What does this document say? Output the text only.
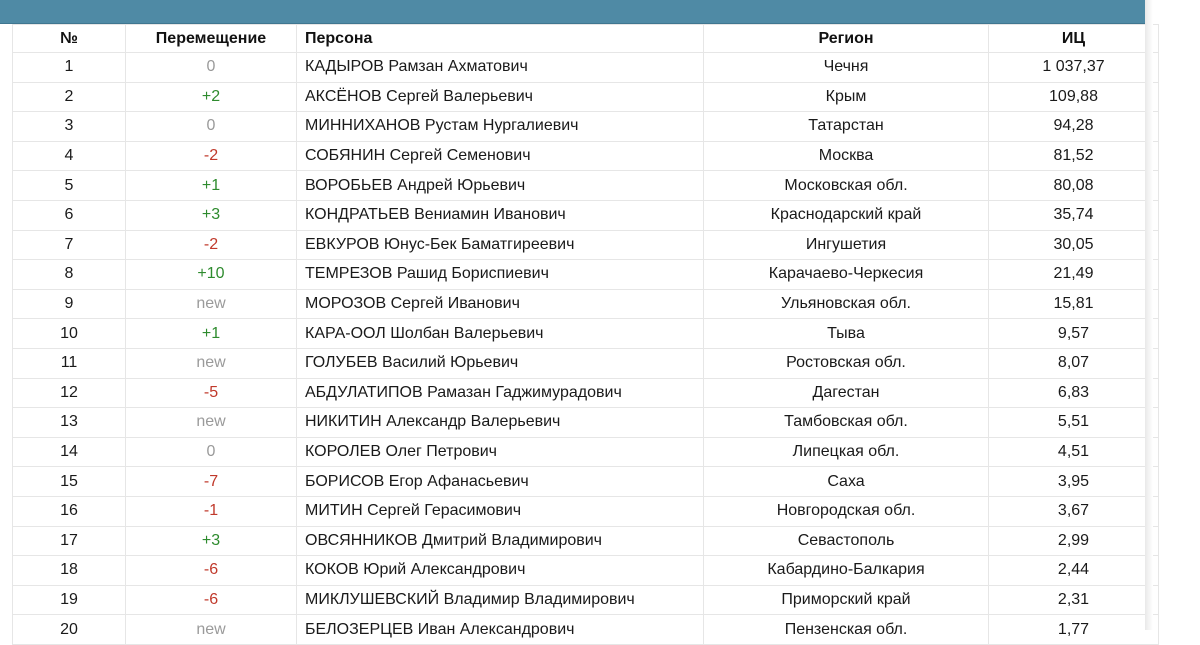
№	Перемещение	Персона	Регион	ИЦ
1	0	КАДЫРОВ Рамзан Ахматович	Чечня	1 037,37
2	+2	АКСЁНОВ Сергей Валерьевич	Крым	109,88
3	0	МИННИХАНОВ Рустам Нургалиевич	Татарстан	94,28
4	-2	СОБЯНИН Сергей Семенович	Москва	81,52
5	+1	ВОРОБЬЕВ Андрей Юрьевич	Московская обл.	80,08
6	+3	КОНДРАТЬЕВ Вениамин Иванович	Краснодарский край	35,74
7	-2	ЕВКУРОВ Юнус-Бек Баматгиреевич	Ингушетия	30,05
8	+10	ТЕМРЕЗОВ Рашид Бориспиевич	Карачаево-Черкесия	21,49
9	new	МОРОЗОВ Сергей Иванович	Ульяновская обл.	15,81
10	+1	КАРА-ООЛ Шолбан Валерьевич	Тыва	9,57
11	new	ГОЛУБЕВ Василий Юрьевич	Ростовская обл.	8,07
12	-5	АБДУЛАТИПОВ Рамазан Гаджимурадович	Дагестан	6,83
13	new	НИКИТИН Александр Валерьевич	Тамбовская обл.	5,51
14	0	КОРОЛЕВ Олег Петрович	Липецкая обл.	4,51
15	-7	БОРИСОВ Егор Афанасьевич	Саха	3,95
16	-1	МИТИН Сергей Герасимович	Новгородская обл.	3,67
17	+3	ОВСЯННИКОВ Дмитрий Владимирович	Севастополь	2,99
18	-6	КОКОВ Юрий Александрович	Кабардино-Балкария	2,44
19	-6	МИКЛУШЕВСКИЙ Владимир Владимирович	Приморский край	2,31
20	new	БЕЛОЗЕРЦЕВ Иван Александрович	Пензенская обл.	1,77
